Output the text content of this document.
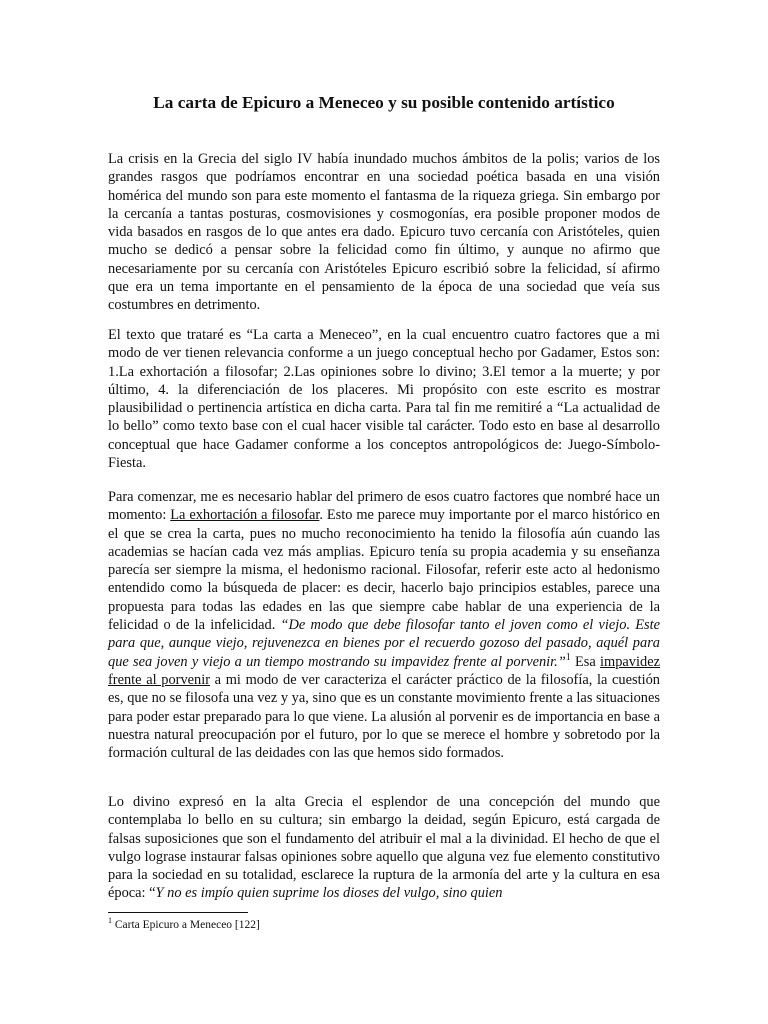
La carta de Epicuro a Meneceo y su posible contenido artístico

La crisis en la Grecia del siglo IV había inundado muchos ámbitos de la polis; varios de los grandes rasgos que podríamos encontrar en una sociedad poética basada en una visión homérica del mundo son para este momento el fantasma de la riqueza griega. Sin embargo por la cercanía a tantas posturas, cosmovisiones y cosmogonías, era posible proponer modos de vida basados en rasgos de lo que antes era dado. Epicuro tuvo cercanía con Aristóteles, quien mucho se dedicó a pensar sobre la felicidad como fin último, y aunque no afirmo que necesariamente por su cercanía con Aristóteles Epicuro escribió sobre la felicidad, sí afirmo que era un tema importante en el pensamiento de la época de una sociedad que veía sus costumbres en detrimento.

El texto que trataré es “La carta a Meneceo”, en la cual encuentro cuatro factores que a mi modo de ver tienen relevancia conforme a un juego conceptual hecho por Gadamer, Estos son: 1.La exhortación a filosofar; 2.Las opiniones sobre lo divino; 3.El temor a la muerte; y por último, 4. la diferenciación de los placeres. Mi propósito con este escrito es mostrar plausibilidad o pertinencia artística en dicha carta. Para tal fin me remitiré a “La actualidad de lo bello” como texto base con el cual hacer visible tal carácter. Todo esto en base al desarrollo conceptual que hace Gadamer conforme a los conceptos antropológicos de: Juego-Símbolo-Fiesta.

Para comenzar, me es necesario hablar del primero de esos cuatro factores que nombré hace un momento: La exhortación a filosofar. Esto me parece muy importante por el marco histórico en el que se crea la carta, pues no mucho reconocimiento ha tenido la filosofía aún cuando las academias se hacían cada vez más amplias. Epicuro tenía su propia academia y su enseñanza parecía ser siempre la misma, el hedonismo racional. Filosofar, referir este acto al hedonismo entendido como la búsqueda de placer: es decir, hacerlo bajo principios estables, parece una propuesta para todas las edades en las que siempre cabe hablar de una experiencia de la felicidad o de la infelicidad. “De modo que debe filosofar tanto el joven como el viejo. Este para que, aunque viejo, rejuvenezca en bienes por el recuerdo gozoso del pasado, aquél para que sea joven y viejo a un tiempo mostrando su impavidez frente al porvenir.”$^1$ Esa impavidez frente al porvenir a mi modo de ver caracteriza el carácter práctico de la filosofía, la cuestión es, que no se filosofa una vez y ya, sino que es un constante movimiento frente a las situaciones para poder estar preparado para lo que viene. La alusión al porvenir es de importancia en base a nuestra natural preocupación por el futuro, por lo que se merece el hombre y sobretodo por la formación cultural de las deidades con las que hemos sido formados.

Lo divino expresó en la alta Grecia el esplendor de una concepción del mundo que contemplaba lo bello en su cultura; sin embargo la deidad, según Epicuro, está cargada de falsas suposiciones que son el fundamento del atribuir el mal a la divinidad. El hecho de que el vulgo lograse instaurar falsas opiniones sobre aquello que alguna vez fue elemento constitutivo para la sociedad en su totalidad, esclarece la ruptura de la armonía del arte y la cultura en esa época: “Y no es impío quien suprime los dioses del vulgo, sino quien

$^1$ Carta Epicuro a Meneceo [122]
